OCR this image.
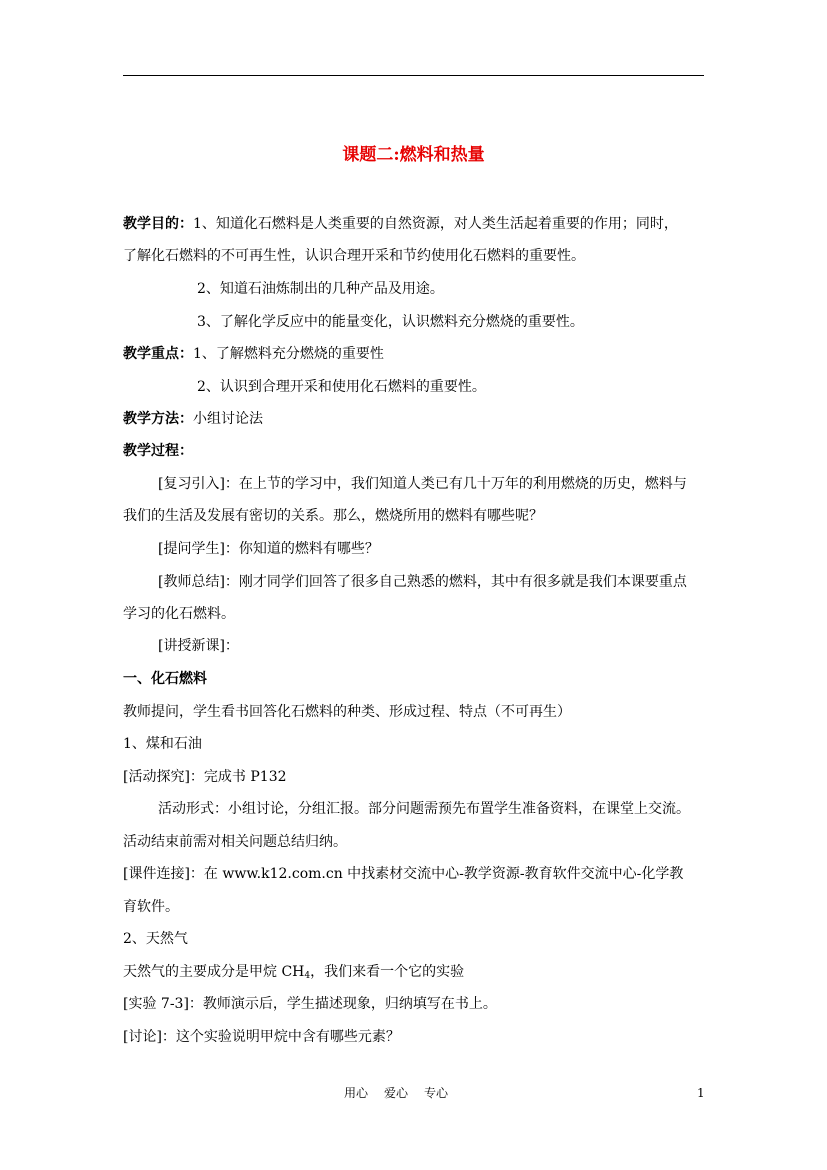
课题二:燃料和热量
教学目的：1、知道化石燃料是人类重要的自然资源，对人类生活起着重要的作用；同时，
了解化石燃料的不可再生性，认识合理开采和节约使用化石燃料的重要性。
2、知道石油炼制出的几种产品及用途。
3、了解化学反应中的能量变化，认识燃料充分燃烧的重要性。
教学重点：1、了解燃料充分燃烧的重要性
2、认识到合理开采和使用化石燃料的重要性。
教学方法：小组讨论法
教学过程：
[复习引入]：在上节的学习中，我们知道人类已有几十万年的利用燃烧的历史，燃料与
我们的生活及发展有密切的关系。那么，燃烧所用的燃料有哪些呢？
[提问学生]：你知道的燃料有哪些？
[教师总结]：刚才同学们回答了很多自己熟悉的燃料，其中有很多就是我们本课要重点
学习的化石燃料。
[讲授新课]：
一、化石燃料
教师提问，学生看书回答化石燃料的种类、形成过程、特点（不可再生）
1、煤和石油
[活动探究]：完成书 P132
活动形式：小组讨论，分组汇报。部分问题需预先布置学生准备资料，在课堂上交流。
活动结束前需对相关问题总结归纳。
[课件连接]：在 www.k12.com.cn 中找素材交流中心-教学资源-教育软件交流中心-化学教
育软件。
2、天然气
天然气的主要成分是甲烷 $CH_4$，我们来看一个它的实验
[实验 7-3]：教师演示后，学生描述现象，归纳填写在书上。
[讨论]：这个实验说明甲烷中含有哪些元素？
用心 爱心 专心	1
